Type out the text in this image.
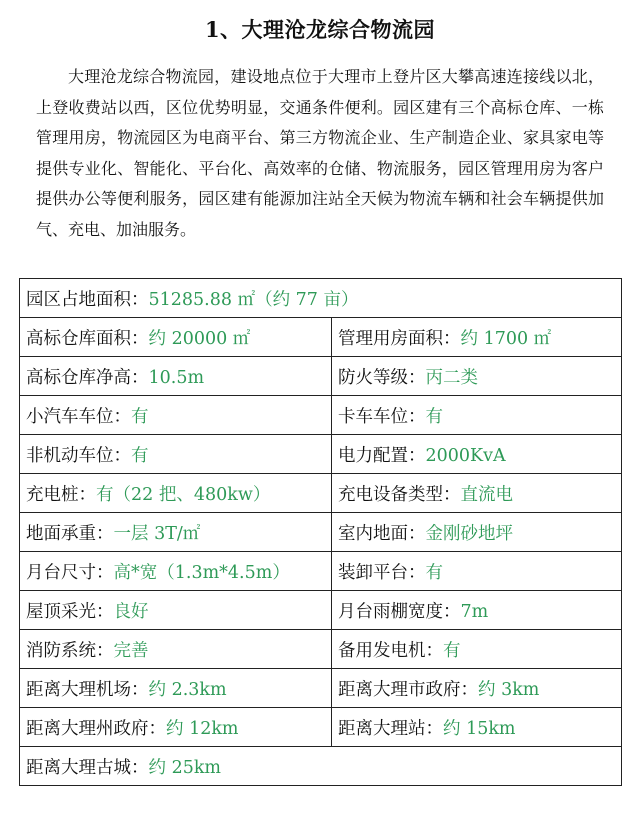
1、大理沧龙综合物流园

大理沧龙综合物流园，建设地点位于大理市上登片区大攀高速连接线以北，上登收费站以西，区位优势明显，交通条件便利。园区建有三个高标仓库、一栋管理用房，物流园区为电商平台、第三方物流企业、生产制造企业、家具家电等提供专业化、智能化、平台化、高效率的仓储、物流服务，园区管理用房为客户提供办公等便利服务，园区建有能源加注站全天候为物流车辆和社会车辆提供加气、充电、加油服务。

园区占地面积：51285.88 ㎡（约 77 亩）	
高标仓库面积：约 20000 ㎡	管理用房面积：约 1700 ㎡
高标仓库净高：10.5m	防火等级：丙二类
小汽车车位：有	卡车车位：有
非机动车位：有	电力配置：2000KvA
充电桩：有（22 把、480kw）	充电设备类型：直流电
地面承重：一层 3T/㎡	室内地面：金刚砂地坪
月台尺寸：高*宽（1.3m*4.5m）	装卸平台：有
屋顶采光：良好	月台雨棚宽度：7m
消防系统：完善	备用发电机：有
距离大理机场：约 2.3km	距离大理市政府：约 3km
距离大理州政府：约 12km	距离大理站：约 15km
距离大理古城：约 25km	
